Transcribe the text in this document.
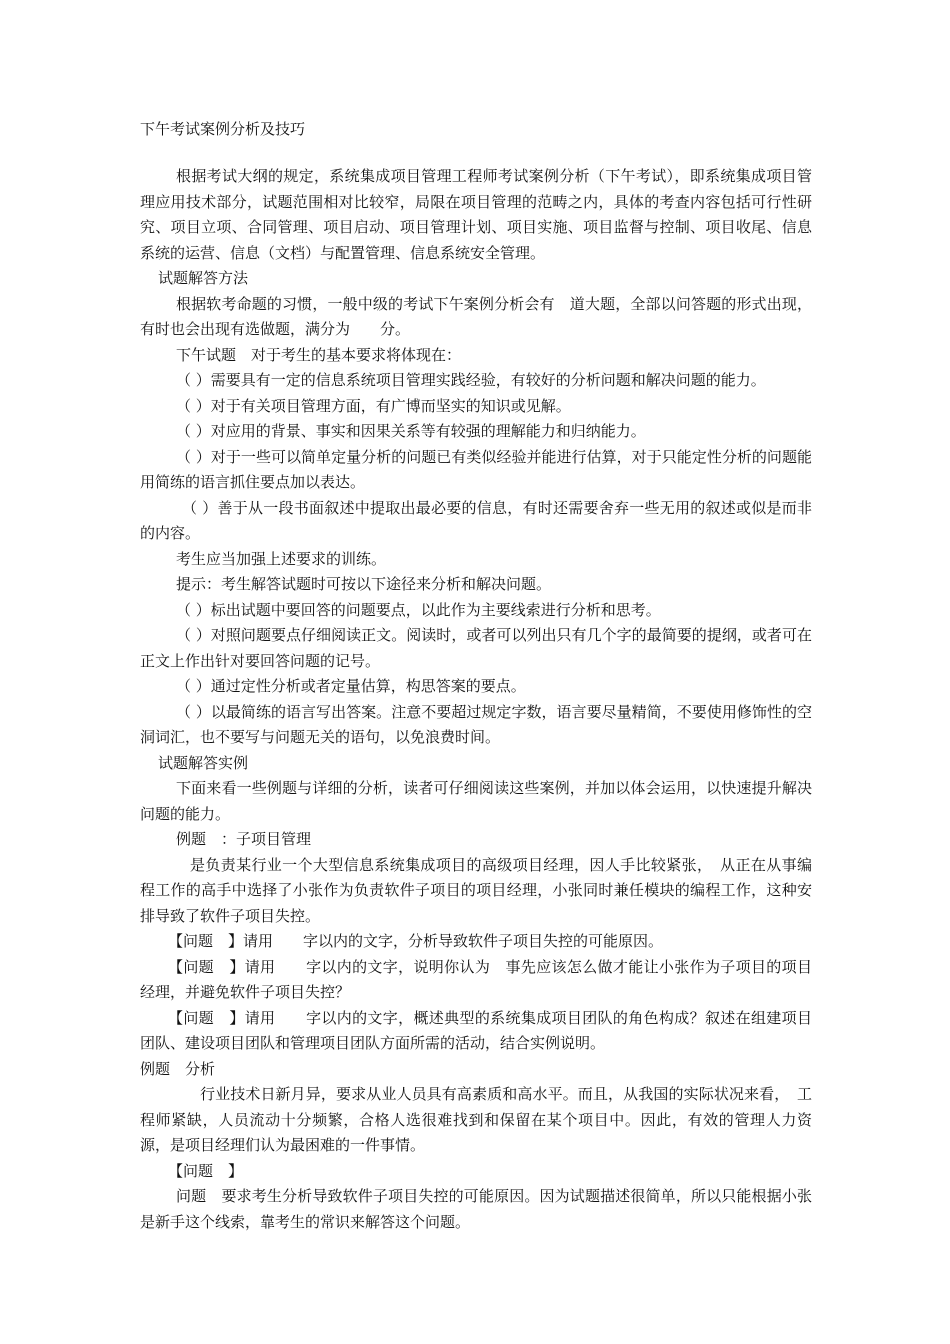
下午考试案例分析及技巧

根据考试大纲的规定，系统集成项目管理工程师考试案例分析（下午考试），即系统集成项目管理应用技术部分，试题范围相对比较窄，局限在项目管理的范畴之内，具体的考查内容包括可行性研究、项目立项、合同管理、项目启动、项目管理计划、项目实施、项目监督与控制、项目收尾、信息系统的运营、信息（文档）与配置管理、信息系统安全管理。

试题解答方法

根据软考命题的习惯，一般中级的考试下午案例分析会有　道大题，全部以问答题的形式出现，有时也会出现有选做题，满分为　　分。

下午试题　对于考生的基本要求将体现在：

（ ）需要具有一定的信息系统项目管理实践经验，有较好的分析问题和解决问题的能力。

（ ）对于有关项目管理方面，有广博而坚实的知识或见解。

（ ）对应用的背景、事实和因果关系等有较强的理解能力和归纳能力。

（ ）对于一些可以简单定量分析的问题已有类似经验并能进行估算，对于只能定性分析的问题能用简练的语言抓住要点加以表达。

（ ）善于从一段书面叙述中提取出最必要的信息，有时还需要舍弃一些无用的叙述或似是而非的内容。

考生应当加强上述要求的训练。

提示：考生解答试题时可按以下途径来分析和解决问题。

（ ）标出试题中要回答的问题要点，以此作为主要线索进行分析和思考。

（ ）对照问题要点仔细阅读正文。阅读时，或者可以列出只有几个字的最简要的提纲，或者可在正文上作出针对要回答问题的记号。

（ ）通过定性分析或者定量估算，构思答案的要点。

（ ）以最简练的语言写出答案。注意不要超过规定字数，语言要尽量精简，不要使用修饰性的空洞词汇，也不要写与问题无关的语句，以免浪费时间。

试题解答实例

下面来看一些例题与详细的分析，读者可仔细阅读这些案例，并加以体会运用，以快速提升解决问题的能力。

例题　：子项目管理

是负责某行业一个大型信息系统集成项目的高级项目经理，因人手比较紧张，　从正在从事编程工作的高手中选择了小张作为负责软件子项目的项目经理，小张同时兼任模块的编程工作，这种安排导致了软件子项目失控。

【问题　】请用　　字以内的文字，分析导致软件子项目失控的可能原因。

【问题　】请用　　字以内的文字，说明你认为　事先应该怎么做才能让小张作为子项目的项目经理，并避免软件子项目失控？

【问题　】请用　　字以内的文字，概述典型的系统集成项目团队的角色构成？叙述在组建项目团队、建设项目团队和管理项目团队方面所需的活动，结合实例说明。

例题　分析

行业技术日新月异，要求从业人员具有高素质和高水平。而且，从我国的实际状况来看，　工程师紧缺，人员流动十分频繁，合格人选很难找到和保留在某个项目中。因此，有效的管理人力资源，是项目经理们认为最困难的一件事情。

【问题　】

问题　要求考生分析导致软件子项目失控的可能原因。因为试题描述很简单，所以只能根据小张是新手这个线索，靠考生的常识来解答这个问题。
